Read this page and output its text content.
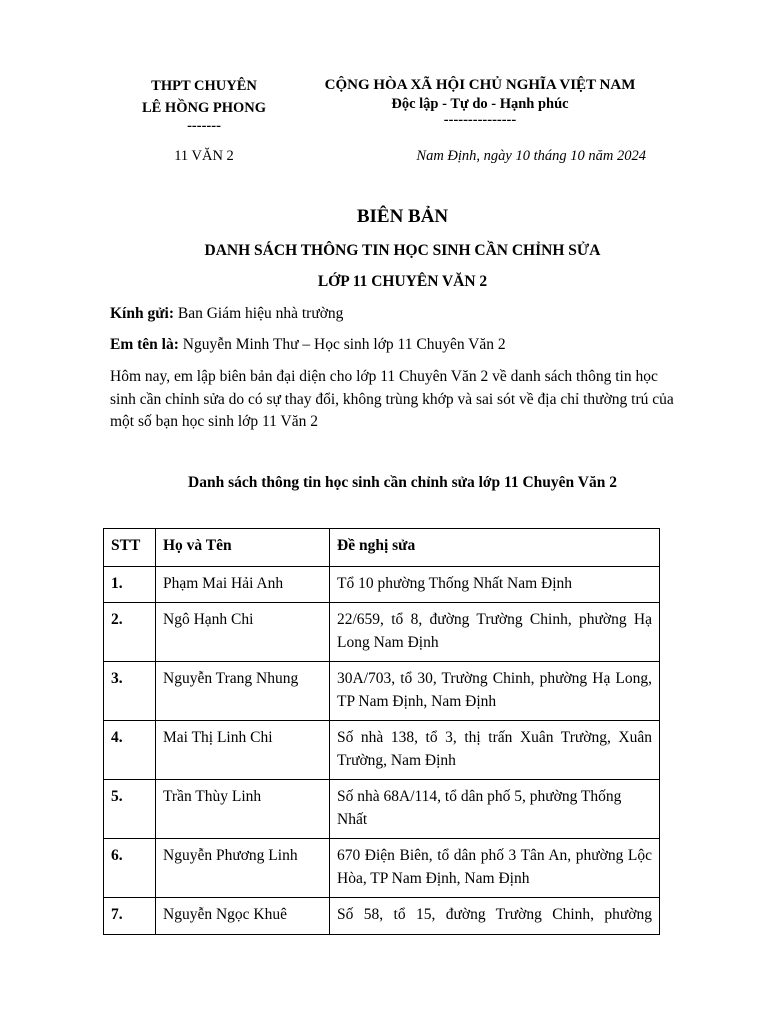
THPT CHUYÊN
LÊ HỒNG PHONG
-------
CỘNG HÒA XÃ HỘI CHỦ NGHĨA VIỆT NAM
Độc lập - Tự do - Hạnh phúc
---------------
11 VĂN 2	Nam Định, ngày 10 tháng 10 năm 2024
BIÊN BẢN
DANH SÁCH THÔNG TIN HỌC SINH CẦN CHỈNH SỬA
LỚP 11 CHUYÊN VĂN 2
Kính gửi: Ban Giám hiệu nhà trường
Em tên là: Nguyễn Minh Thư – Học sinh lớp 11 Chuyên Văn 2
Hôm nay, em lập biên bản đại diện cho lớp 11 Chuyên Văn 2 về danh sách thông tin học sinh cần chỉnh sửa do có sự thay đổi, không trùng khớp và sai sót về địa chỉ thường trú của một số bạn học sinh lớp 11 Văn 2
Danh sách thông tin học sinh cần chỉnh sửa lớp 11 Chuyên Văn 2
STT	Họ và Tên	Đề nghị sửa
1.	Phạm Mai Hải Anh	Tổ 10 phường Thống Nhất Nam Định
2.	Ngô Hạnh Chi	22/659, tổ 8, đường Trường Chinh, phường Hạ Long Nam Định
3.	Nguyễn Trang Nhung	30A/703, tổ 30, Trường Chinh, phường Hạ Long, TP Nam Định, Nam Định
4.	Mai Thị Linh Chi	Số nhà 138, tổ 3, thị trấn Xuân Trường, Xuân Trường, Nam Định
5.	Trần Thùy Linh	Số nhà 68A/114, tổ dân phố 5, phường Thống Nhất
6.	Nguyễn Phương Linh	670 Điện Biên, tổ dân phố 3 Tân An, phường Lộc Hòa, TP Nam Định, Nam Định
7.	Nguyễn Ngọc Khuê	Số 58, tổ 15, đường Trường Chinh, phường
